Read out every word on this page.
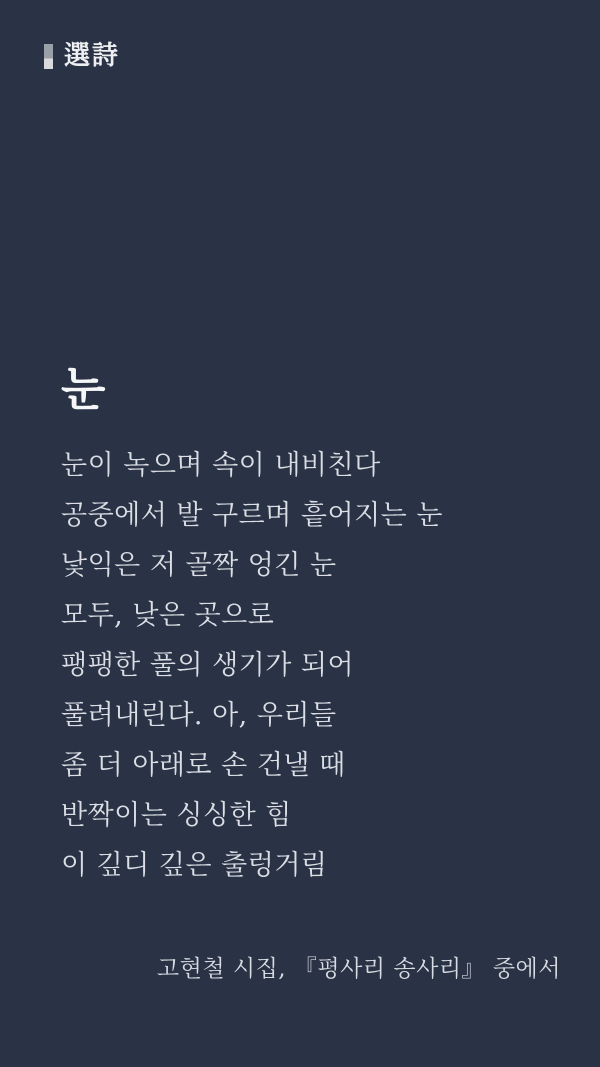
選詩
눈
눈이 녹으며 속이 내비친다
공중에서 발 구르며 흩어지는 눈
낯익은 저 골짝 엉긴 눈
모두, 낮은 곳으로
팽팽한 풀의 생기가 되어
풀려내린다. 아, 우리들
좀 더 아래로 손 건낼 때
반짝이는 싱싱한 힘
이 깊디 깊은 출렁거림
고현철 시집, 『평사리 송사리』 중에서
